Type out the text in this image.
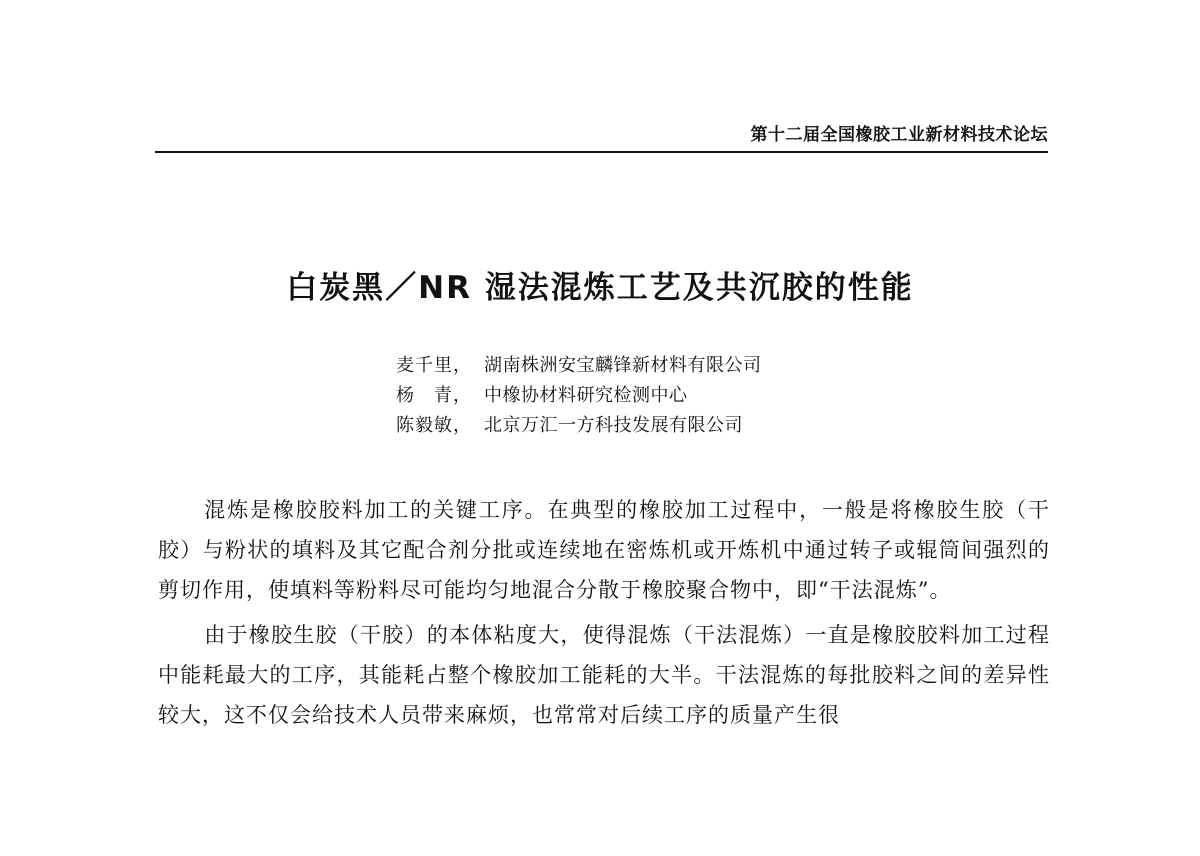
第十二届全国橡胶工业新材料技术论坛
白炭黑／NR 湿法混炼工艺及共沉胶的性能
麦千里， 湖南株洲安宝麟锋新材料有限公司
杨　青， 中橡协材料研究检测中心
陈毅敏， 北京万汇一方科技发展有限公司

混炼是橡胶胶料加工的关键工序。在典型的橡胶加工过程中，一般是将橡胶生胶（干胶）与粉状的填料及其它配合剂分批或连续地在密炼机或开炼机中通过转子或辊筒间强烈的剪切作用，使填料等粉料尽可能均匀地混合分散于橡胶聚合物中，即“干法混炼”。

由于橡胶生胶（干胶）的本体粘度大，使得混炼（干法混炼）一直是橡胶胶料加工过程中能耗最大的工序，其能耗占整个橡胶加工能耗的大半。干法混炼的每批胶料之间的差异性较大，这不仅会给技术人员带来麻烦，也常常对后续工序的质量产生很
